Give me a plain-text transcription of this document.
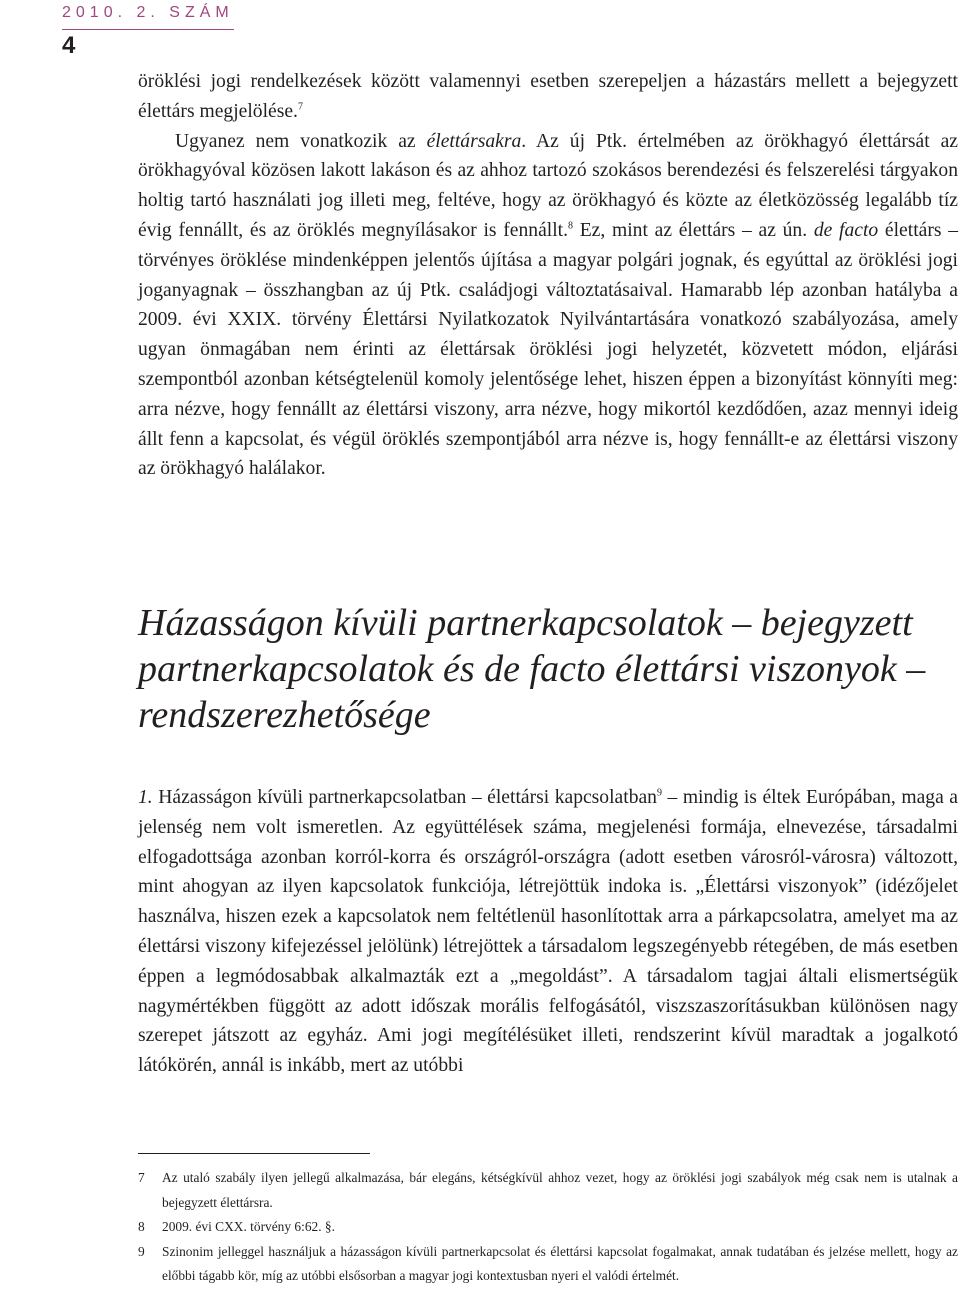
2010. 2. SZÁM
4

öröklési jogi rendelkezések között valamennyi esetben szerepeljen a házastárs mellett a bejegyzett élettárs megjelölése.$^7$

Ugyanez nem vonatkozik az élettársakra. Az új Ptk. értelmében az örökhagyó élettársát az örökhagyóval közösen lakott lakáson és az ahhoz tartozó szokásos berendezési és felszerelési tárgyakon holtig tartó használati jog illeti meg, feltéve, hogy az örökhagyó és közte az életközösség legalább tíz évig fennállt, és az öröklés megnyílásakor is fennállt.$^8$ Ez, mint az élettárs – az ún. de facto élettárs – törvényes öröklése mindenképpen jelentős újítása a magyar polgári jognak, és egyúttal az öröklési jogi joganyagnak – összhangban az új Ptk. családjogi változtatásaival. Hamarabb lép azonban hatályba a 2009. évi XXIX. törvény Élettársi Nyilatkozatok Nyilvántartására vonatkozó szabályozása, amely ugyan önmagában nem érinti az élettársak öröklési jogi helyzetét, közvetett módon, eljárási szempontból azonban kétségtelenül komoly jelentősége lehet, hiszen éppen a bizonyítást könnyíti meg: arra nézve, hogy fennállt az élettársi viszony, arra nézve, hogy mikortól kezdődően, azaz mennyi ideig állt fenn a kapcsolat, és végül öröklés szempontjából arra nézve is, hogy fennállt-e az élettársi viszony az örökhagyó halálakor.

Házasságon kívüli partnerkapcsolatok – bejegyzett partnerkapcsolatok és de facto élettársi viszonyok – rendszerezhetősége

1. Házasságon kívüli partnerkapcsolatban – élettársi kapcsolatban$^9$ – mindig is éltek Európában, maga a jelenség nem volt ismeretlen. Az együttélések száma, megjelenési formája, elnevezése, társadalmi elfogadottsága azonban korról-korra és országról-országra (adott esetben városról-városra) változott, mint ahogyan az ilyen kapcsolatok funkciója, létrejöttük indoka is. „Élettársi viszonyok” (idézőjelet használva, hiszen ezek a kapcsolatok nem feltétlenül hasonlítottak arra a párkapcsolatra, amelyet ma az élettársi viszony kifejezéssel jelölünk) létrejöttek a társadalom legszegényebb rétegében, de más esetben éppen a legmódosabbak alkalmazták ezt a „megoldást”. A társadalom tagjai általi elismertségük nagymértékben függött az adott időszak morális felfogásától, viszszaszorításukban különösen nagy szerepet játszott az egyház. Ami jogi megítélésüket illeti, rendszerint kívül maradtak a jogalkotó látókörén, annál is inkább, mert az utóbbi

7	Az utaló szabály ilyen jellegű alkalmazása, bár elegáns, kétségkívül ahhoz vezet, hogy az öröklési jogi szabályok még csak nem is utalnak a bejegyzett élettársra.
8	2009. évi CXX. törvény 6:62. §.
9	Szinonim jelleggel használjuk a házasságon kívüli partnerkapcsolat és élettársi kapcsolat fogalmakat, annak tudatában és jelzése mellett, hogy az előbbi tágabb kör, míg az utóbbi elsősorban a magyar jogi kontextusban nyeri el valódi értelmét.
